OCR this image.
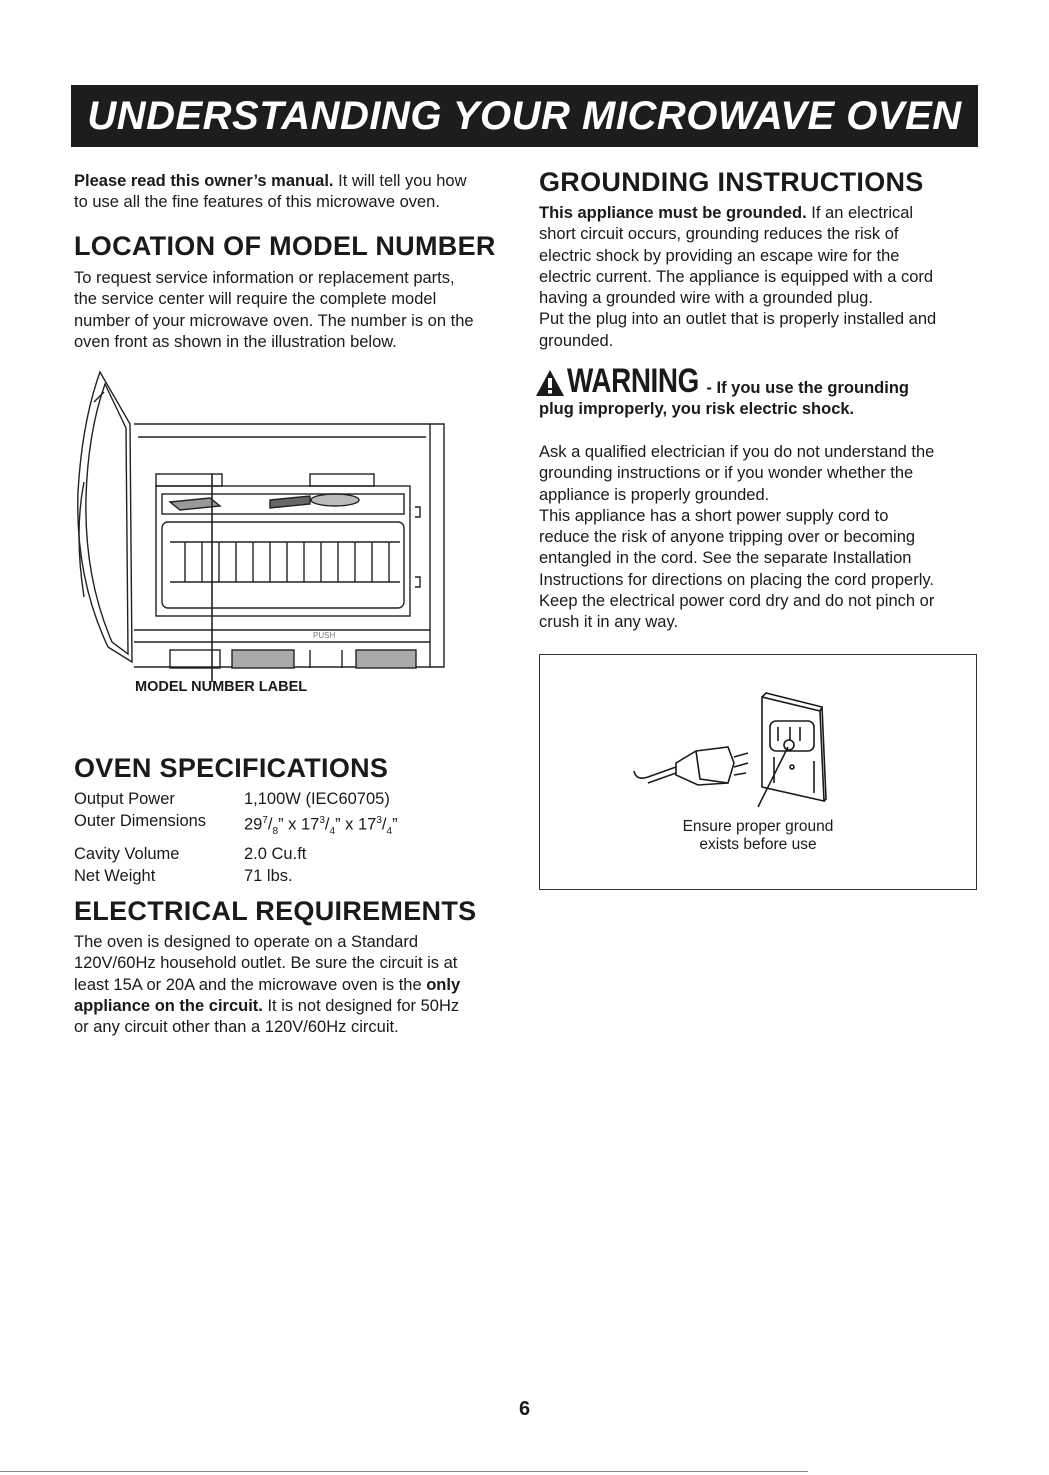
UNDERSTANDING YOUR MICROWAVE OVEN

Please read this owner’s manual. It will tell you how
to use all the fine features of this microwave oven.

LOCATION OF MODEL NUMBER

To request service information or replacement parts,
the service center will require the complete model
number of your microwave oven. The number is on the
oven front as shown in the illustration below.

PUSH
MODEL NUMBER LABEL
OVEN SPECIFICATIONS
Output Power	1,100W (IEC60705)
Outer Dimensions	$29^7/_8$” x $17^3/_4$” x $17^3/_4$”
Cavity Volume	2.0 Cu.ft
Net Weight	71 lbs.
ELECTRICAL REQUIREMENTS

The oven is designed to operate on a Standard
120V/60Hz household outlet. Be sure the circuit is at
least 15A or 20A and the microwave oven is the only
appliance on the circuit. It is not designed for 50Hz
or any circuit other than a 120V/60Hz circuit.

GROUNDING INSTRUCTIONS

This appliance must be grounded. If an electrical
short circuit occurs, grounding reduces the risk of
electric shock by providing an escape wire for the
electric current. The appliance is equipped with a cord
having a grounded wire with a grounded plug.
Put the plug into an outlet that is properly installed and
grounded.

WARNING - If you use the grounding

plug improperly, you risk electric shock.

Ask a qualified electrician if you do not understand the
grounding instructions or if you wonder whether the
appliance is properly grounded.
This appliance has a short power supply cord to
reduce the risk of anyone tripping over or becoming
entangled in the cord. See the separate Installation
Instructions for directions on placing the cord properly.
Keep the electrical power cord dry and do not pinch or
crush it in any way.

Ensure proper ground
exists before use
6
